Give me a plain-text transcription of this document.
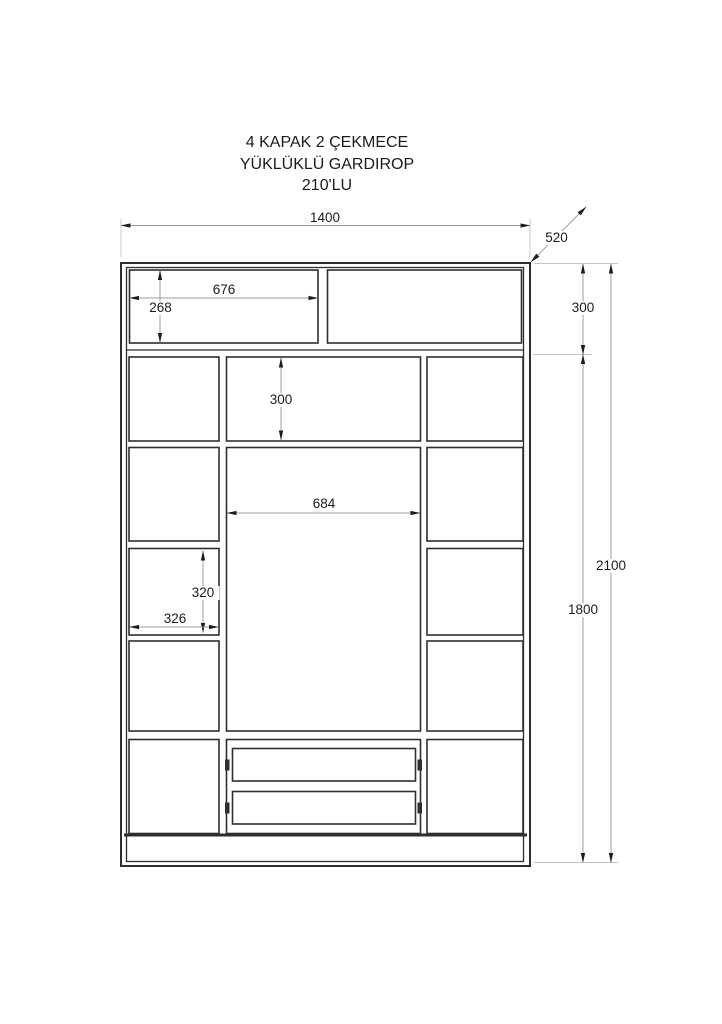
4 KAPAK 2 ÇEKMECE
YÜKLÜKLÜ GARDIROP
210'LU
1400
520
676
268
300
684
320
326
300
1800
2100
